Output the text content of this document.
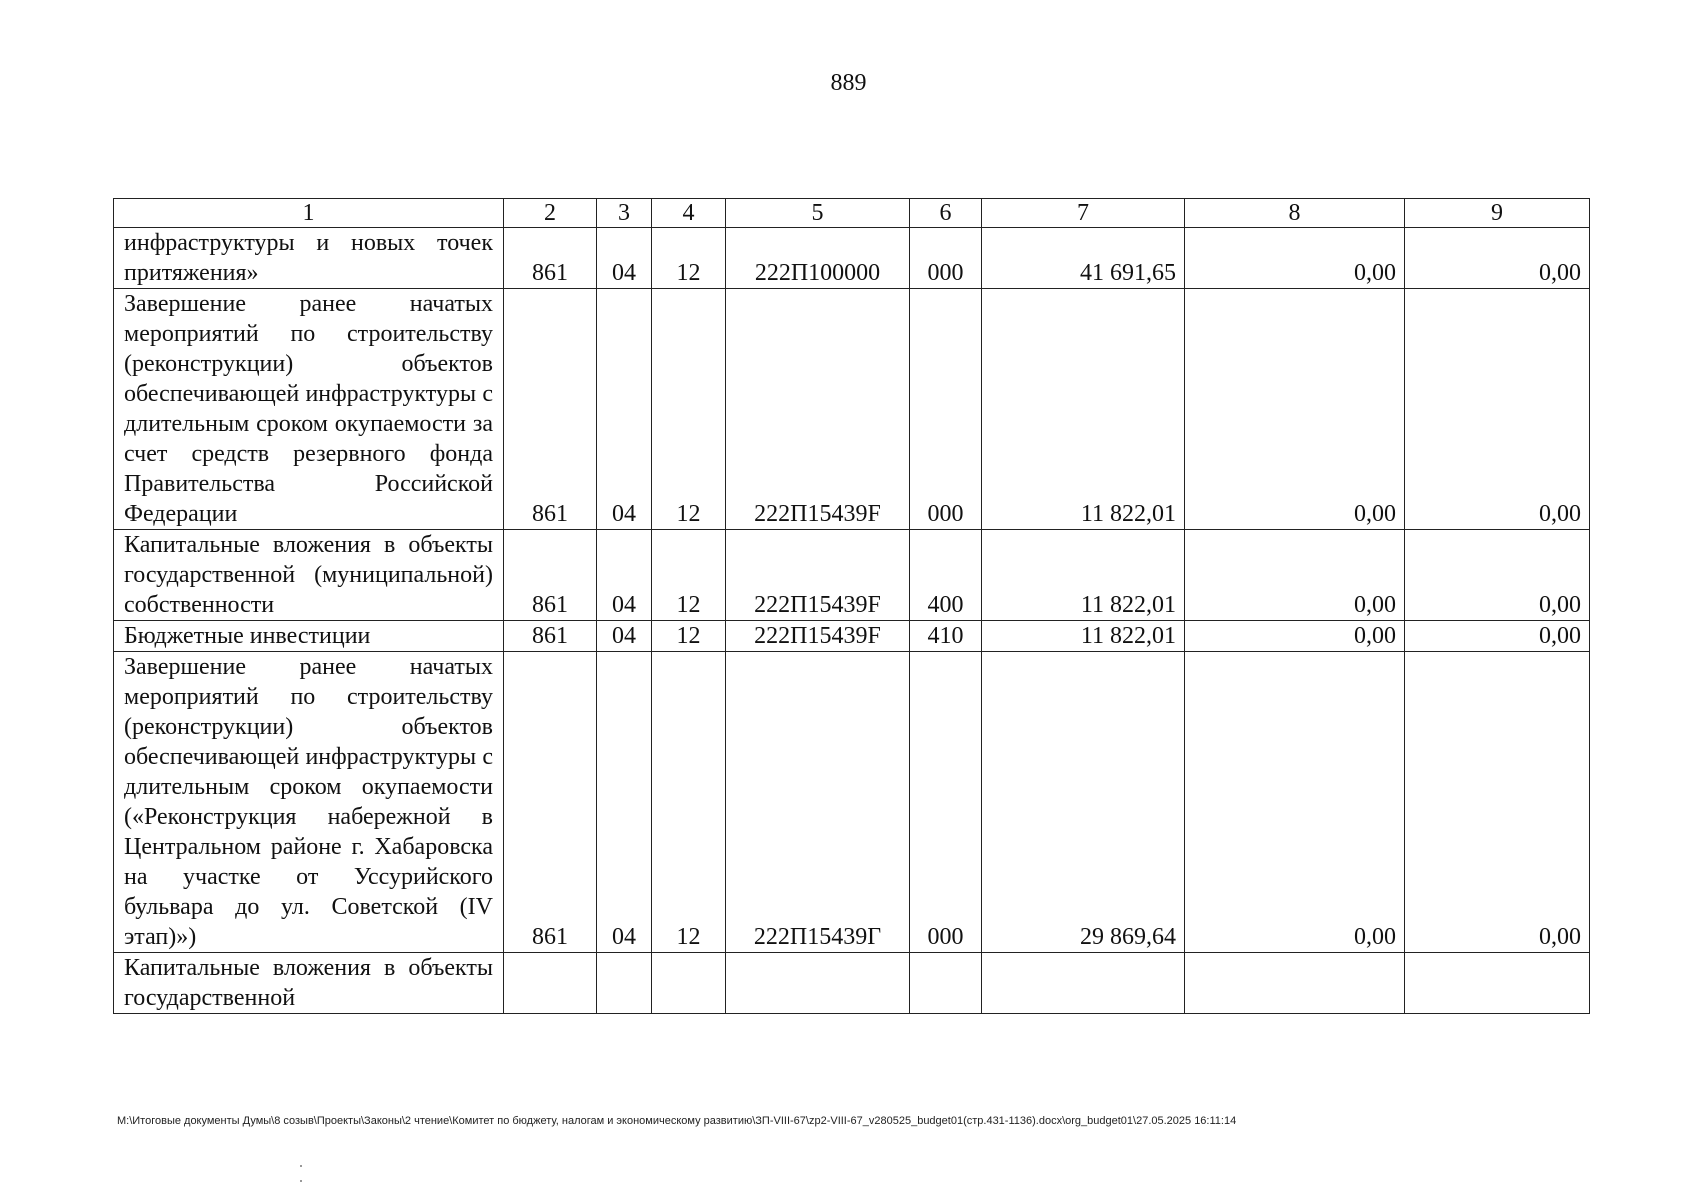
889
1	2	3	4	5	6	7	8	9
инфраструктуры и новых точек притяжения»	861	04	12	222П100000	000	41 691,65	0,00	0,00
Завершение ранее начатых мероприятий по строительству (реконструкции) объектов обеспечивающей инфраструктуры с длительным сроком окупаемости за счет средств резервного фонда Правительства Российской Федерации	861	04	12	222П15439F	000	11 822,01	0,00	0,00
Капитальные вложения в объекты государственной (муниципальной) собственности	861	04	12	222П15439F	400	11 822,01	0,00	0,00
Бюджетные инвестиции	861	04	12	222П15439F	410	11 822,01	0,00	0,00
Завершение ранее начатых мероприятий по строительству (реконструкции) объектов обеспечивающей инфраструктуры с длительным сроком окупаемости («Реконструкция набережной в Центральном районе г. Хабаровска на участке от Уссурийского бульвара до ул. Советской (IV этап)»)	861	04	12	222П15439Г	000	29 869,64	0,00	0,00
Капитальные вложения в объекты государственной								
M:\Итоговые документы Думы\8 созыв\Проекты\Законы\2 чтение\Комитет по бюджету, налогам и экономическому развитию\ЗП-VIII-67\zp2-VIII-67_v280525_budget01(стр.431-1136).docx\org_budget01\27.05.2025 16:11:14
